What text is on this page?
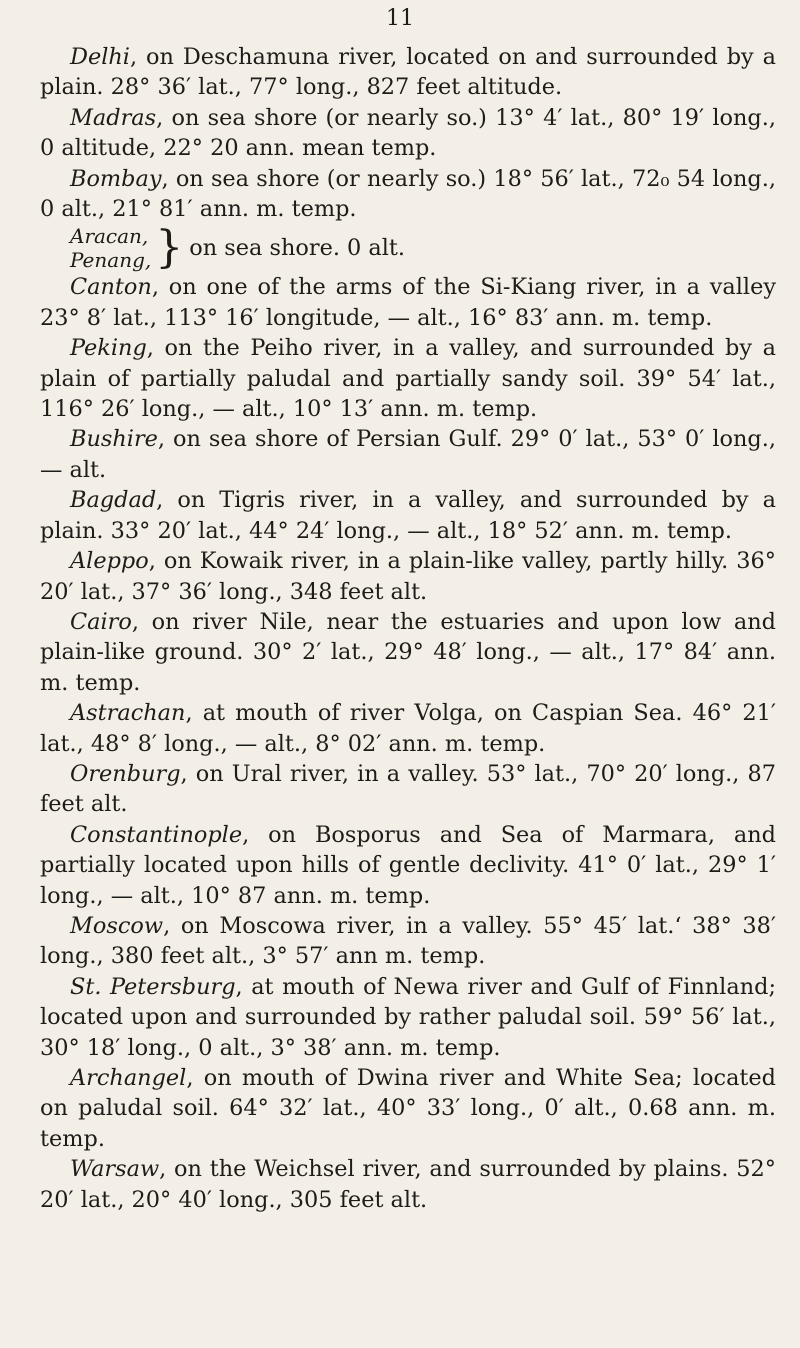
11

Delhi, on Deschamuna river, located on and surrounded by a plain. 28° 36′ lat., 77° long., 827 feet altitude.

Madras, on sea shore (or nearly so.) 13° 4′ lat., 80° 19′ long., 0 altitude, 22° 20 ann. mean temp.

Bombay, on sea shore (or nearly so.) 18° 56′ lat., 72₀ 54 long., 0 alt., 21° 81′ ann. m. temp.

Aracan,
Penang, } on sea shore. 0 alt.

Canton, on one of the arms of the Si-Kiang river, in a valley 23° 8′ lat., 113° 16′ longitude, — alt., 16° 83′ ann. m. temp.

Peking, on the Peiho river, in a valley, and surrounded by a plain of partially paludal and partially sandy soil. 39° 54′ lat., 116° 26′ long., — alt., 10° 13′ ann. m. temp.

Bushire, on sea shore of Persian Gulf. 29° 0′ lat., 53° 0′ long., — alt.

Bagdad, on Tigris river, in a valley, and surrounded by a plain. 33° 20′ lat., 44° 24′ long., — alt., 18° 52′ ann. m. temp.

Aleppo, on Kowaik river, in a plain-like valley, partly hilly. 36° 20′ lat., 37° 36′ long., 348 feet alt.

Cairo, on river Nile, near the estuaries and upon low and plain-like ground. 30° 2′ lat., 29° 48′ long., — alt., 17° 84′ ann. m. temp.

Astrachan, at mouth of river Volga, on Caspian Sea. 46° 21′ lat., 48° 8′ long., — alt., 8° 02′ ann. m. temp.

Orenburg, on Ural river, in a valley. 53° lat., 70° 20′ long., 87 feet alt.

Constantinople, on Bosporus and Sea of Marmara, and partially located upon hills of gentle declivity. 41° 0′ lat., 29° 1′ long., — alt., 10° 87 ann. m. temp.

Moscow, on Moscowa river, in a valley. 55° 45′ lat.‘ 38° 38′ long., 380 feet alt., 3° 57′ ann m. temp.

St. Petersburg, at mouth of Newa river and Gulf of Finnland; located upon and surrounded by rather paludal soil. 59° 56′ lat., 30° 18′ long., 0 alt., 3° 38′ ann. m. temp.

Archangel, on mouth of Dwina river and White Sea; located on paludal soil. 64° 32′ lat., 40° 33′ long., 0′ alt., 0.68 ann. m. temp.

Warsaw, on the Weichsel river, and surrounded by plains. 52° 20′ lat., 20° 40′ long., 305 feet alt.
